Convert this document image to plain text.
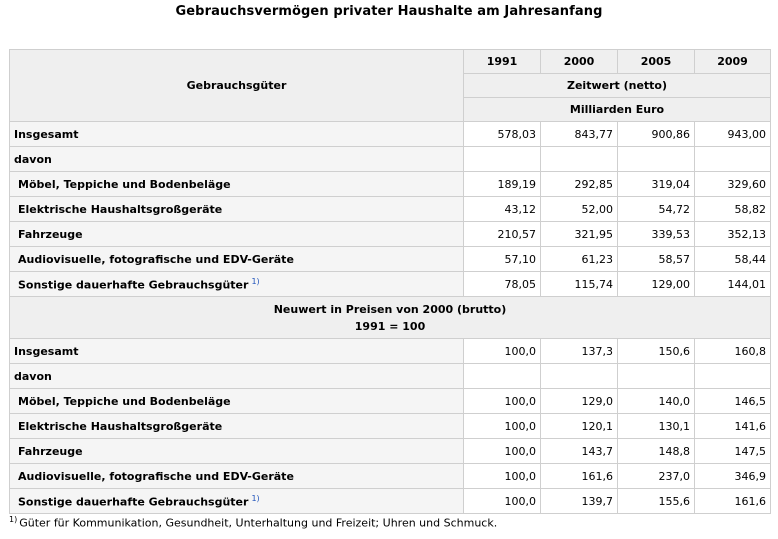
Gebrauchsvermögen privater Haushalte am Jahresanfang
Gebrauchsgüter	1991	2000	2005	2009
	Zeitwert (netto)			
	Milliarden Euro			
Insgesamt	578,03	843,77	900,86	943,00
davon				
Möbel, Teppiche und Bodenbeläge	189,19	292,85	319,04	329,60
Elektrische Haushaltsgroßgeräte	43,12	52,00	54,72	58,82
Fahrzeuge	210,57	321,95	339,53	352,13
Audiovisuelle, fotografische und EDV-Geräte	57,10	61,23	58,57	58,44
Sonstige dauerhafte Gebrauchsgüter $^{1)}$	78,05	115,74	129,00	144,01

Neuwert in Preisen von 2000 (brutto)
1991 = 100				

Insgesamt	100,0	137,3	150,6	160,8
davon				
Möbel, Teppiche und Bodenbeläge	100,0	129,0	140,0	146,5
Elektrische Haushaltsgroßgeräte	100,0	120,1	130,1	141,6
Fahrzeuge	100,0	143,7	148,8	147,5
Audiovisuelle, fotografische und EDV-Geräte	100,0	161,6	237,0	346,9
Sonstige dauerhafte Gebrauchsgüter $^{1)}$	100,0	139,7	155,6	161,6
$^{1)}$ Güter für Kommunikation, Gesundheit, Unterhaltung und Freizeit; Uhren und Schmuck.
